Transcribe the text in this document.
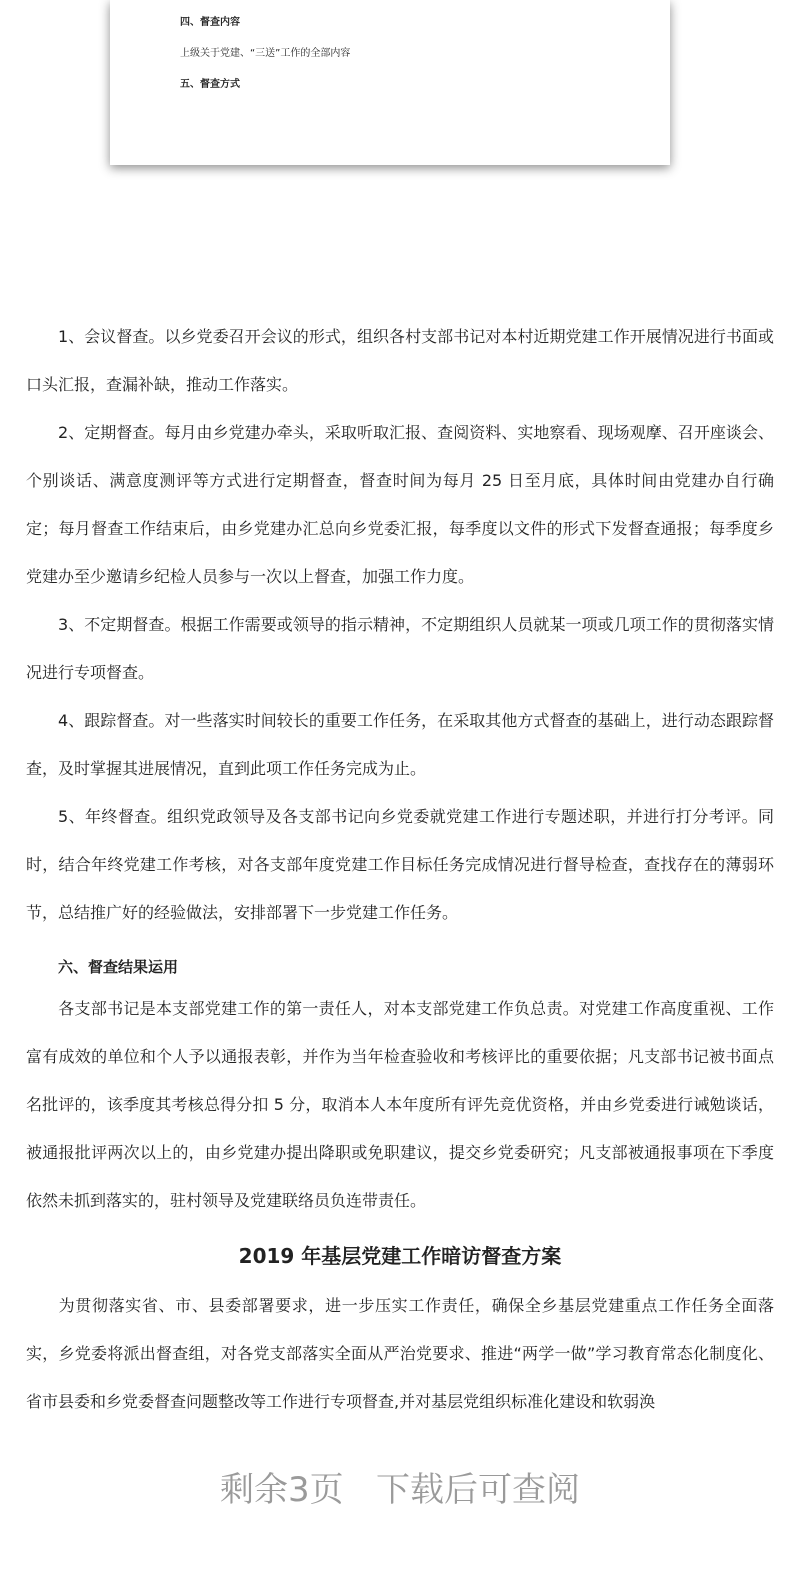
四、督查内容

上级关于党建、“三送”工作的全部内容

五、督查方式

1、会议督查。以乡党委召开会议的形式，组织各村支部书记对本村近期党建工作开展情况进行书面或口头汇报，查漏补缺，推动工作落实。

2、定期督查。每月由乡党建办牵头，采取听取汇报、查阅资料、实地察看、现场观摩、召开座谈会、个别谈话、满意度测评等方式进行定期督查，督查时间为每月 25 日至月底，具体时间由党建办自行确定；每月督查工作结束后，由乡党建办汇总向乡党委汇报，每季度以文件的形式下发督查通报；每季度乡党建办至少邀请乡纪检人员参与一次以上督查，加强工作力度。

3、不定期督查。根据工作需要或领导的指示精神，不定期组织人员就某一项或几项工作的贯彻落实情况进行专项督查。

4、跟踪督查。对一些落实时间较长的重要工作任务，在采取其他方式督查的基础上，进行动态跟踪督查，及时掌握其进展情况，直到此项工作任务完成为止。

5、年终督查。组织党政领导及各支部书记向乡党委就党建工作进行专题述职，并进行打分考评。同时，结合年终党建工作考核，对各支部年度党建工作目标任务完成情况进行督导检查，查找存在的薄弱环节，总结推广好的经验做法，安排部署下一步党建工作任务。

六、督查结果运用

各支部书记是本支部党建工作的第一责任人，对本支部党建工作负总责。对党建工作高度重视、工作富有成效的单位和个人予以通报表彰，并作为当年检查验收和考核评比的重要依据；凡支部书记被书面点名批评的，该季度其考核总得分扣 5 分，取消本人本年度所有评先竞优资格，并由乡党委进行诫勉谈话，被通报批评两次以上的，由乡党建办提出降职或免职建议，提交乡党委研究；凡支部被通报事项在下季度依然未抓到落实的，驻村领导及党建联络员负连带责任。

2019 年基层党建工作暗访督查方案

为贯彻落实省、市、县委部署要求，进一步压实工作责任，确保全乡基层党建重点工作任务全面落实，乡党委将派出督查组，对各党支部落实全面从严治党要求、推进“两学一做”学习教育常态化制度化、省市县委和乡党委督查问题整改等工作进行专项督查,并对基层党组织标准化建设和软弱涣

剩余3页 下载后可查阅
